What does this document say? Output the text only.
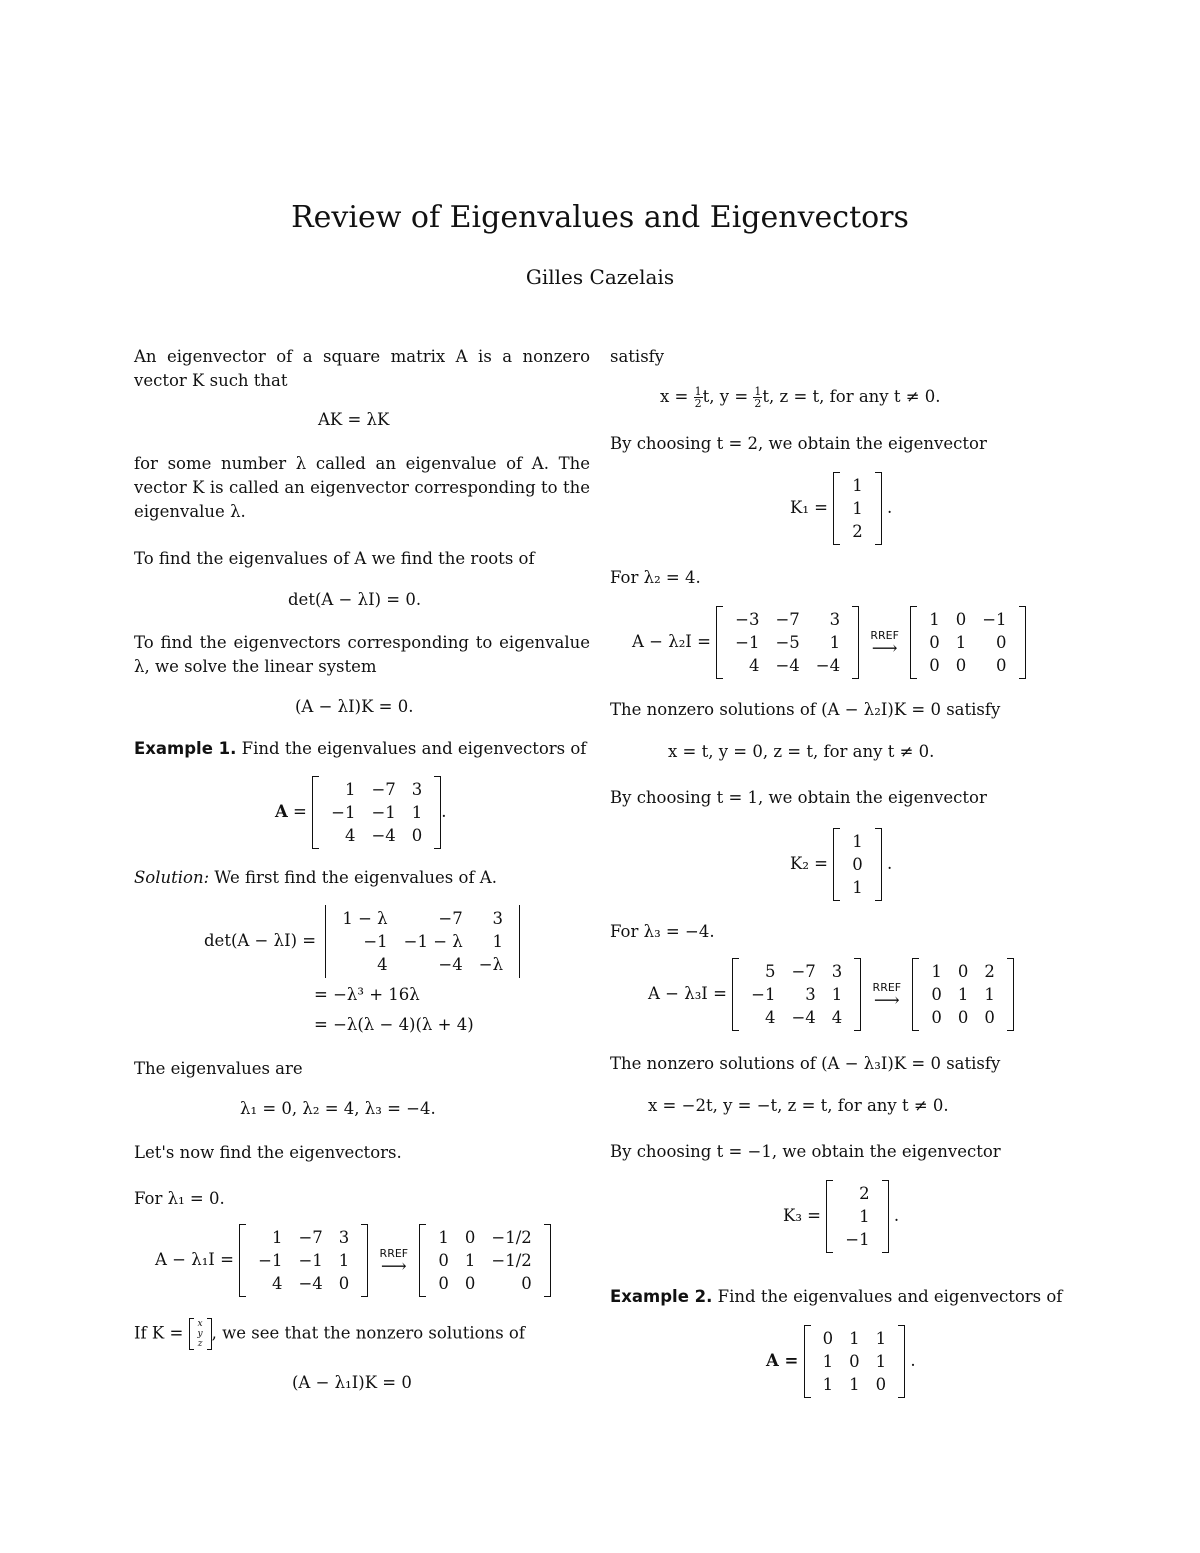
Review of Eigenvalues and Eigenvectors
Gilles Cazelais
An eigenvector of a square matrix A is a nonzero vector K such that
AK = λK
for some number λ called an eigenvalue of A. The vector K is called an eigenvector corresponding to the eigenvalue λ.
To find the eigenvalues of A we find the roots of
det(A − λI) = 0.
To find the eigenvectors corresponding to eigenvalue λ, we solve the linear system
(A − λI)K = 0.
Example 1. Find the eigenvalues and eigenvectors of
A =
1	−7	3
−1	−1	1
4	−4	0
.
Solution: We first find the eigenvalues of A.
det(A − λI) =
1 − λ	−7	3
−1	−1 − λ	1
4	−4	−λ
= −λ³ + 16λ
= −λ(λ − 4)(λ + 4)
The eigenvalues are
λ₁ = 0, λ₂ = 4, λ₃ = −4.
Let's now find the eigenvectors.
For λ₁ = 0.
A − λ₁I =
1	−7	3
−1	−1	1
4	−4	0

RREF
⟶

1	0	−1/2
0	1	−1/2
0	0	0
If K = x
y
z
, we see that the nonzero solutions of
(A − λ₁I)K = 0
satisfy
$x = \frac{1}{2} t$, $y = \frac{1}{2} t$, z = t, for any t ≠ 0.
By choosing t = 2, we obtain the eigenvector
K₁ =
1
1
2
.
For λ₂ = 4.
A − λ₂I =
−3	−7	3
−1	−5	1
4	−4	−4

RREF
⟶

1	0	−1
0	1	0
0	0	0
The nonzero solutions of (A − λ₂I)K = 0 satisfy
x = t, y = 0, z = t, for any t ≠ 0.
By choosing t = 1, we obtain the eigenvector
K₂ =
1
0
1
.
For λ₃ = −4.
A − λ₃I =
5	−7	3
−1	3	1
4	−4	4

RREF
⟶

1	0	2
0	1	1
0	0	0
The nonzero solutions of (A − λ₃I)K = 0 satisfy
x = −2t, y = −t, z = t, for any t ≠ 0.
By choosing t = −1, we obtain the eigenvector
K₃ =
2
1
−1
.
Example 2. Find the eigenvalues and eigenvectors of
A =
0	1	1
1	0	1
1	1	0
.
